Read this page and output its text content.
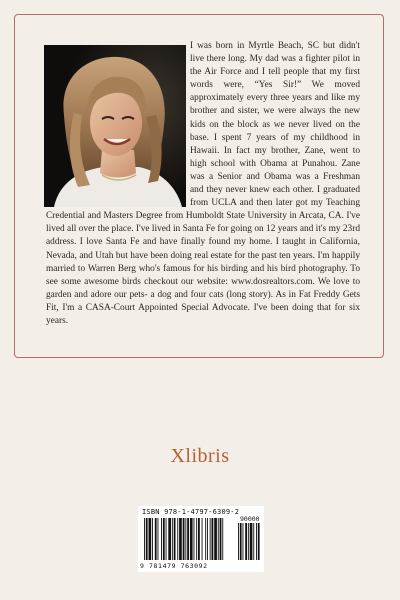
I was born in Myrtle Beach, SC but didn't live there long. My dad was a fighter pilot in the Air Force and I tell people that my first words were, “Yes Sir!” We moved approximately every three years and like my brother and sister, we were always the new kids on the block as we never lived on the base. I spent 7 years of my childhood in Hawaii. In fact my brother, Zane, went to high school with Obama at Punahou. Zane was a Senior and Obama was a Freshman and they never knew each other. I graduated from UCLA and then later got my Teaching Credential and Masters Degree from Humboldt State University in Arcata, CA. I've lived all over the place. I've lived in Santa Fe for going on 12 years and it's my 23rd address. I love Santa Fe and have finally found my home. I taught in California, Nevada, and Utah but have been doing real estate for the past ten years. I'm happily married to Warren Berg who's famous for his birding and his bird photography. To see some awesome birds checkout our website: www.dosrealtors.com. We love to garden and adore our pets- a dog and four cats (long story). As in Fat Freddy Gets Fit, I'm a CASA-Court Appointed Special Advocate. I've been doing that for six years.

Xlibris
ISBN 978-1-4797-6309-2
90000
9 781479 763092
